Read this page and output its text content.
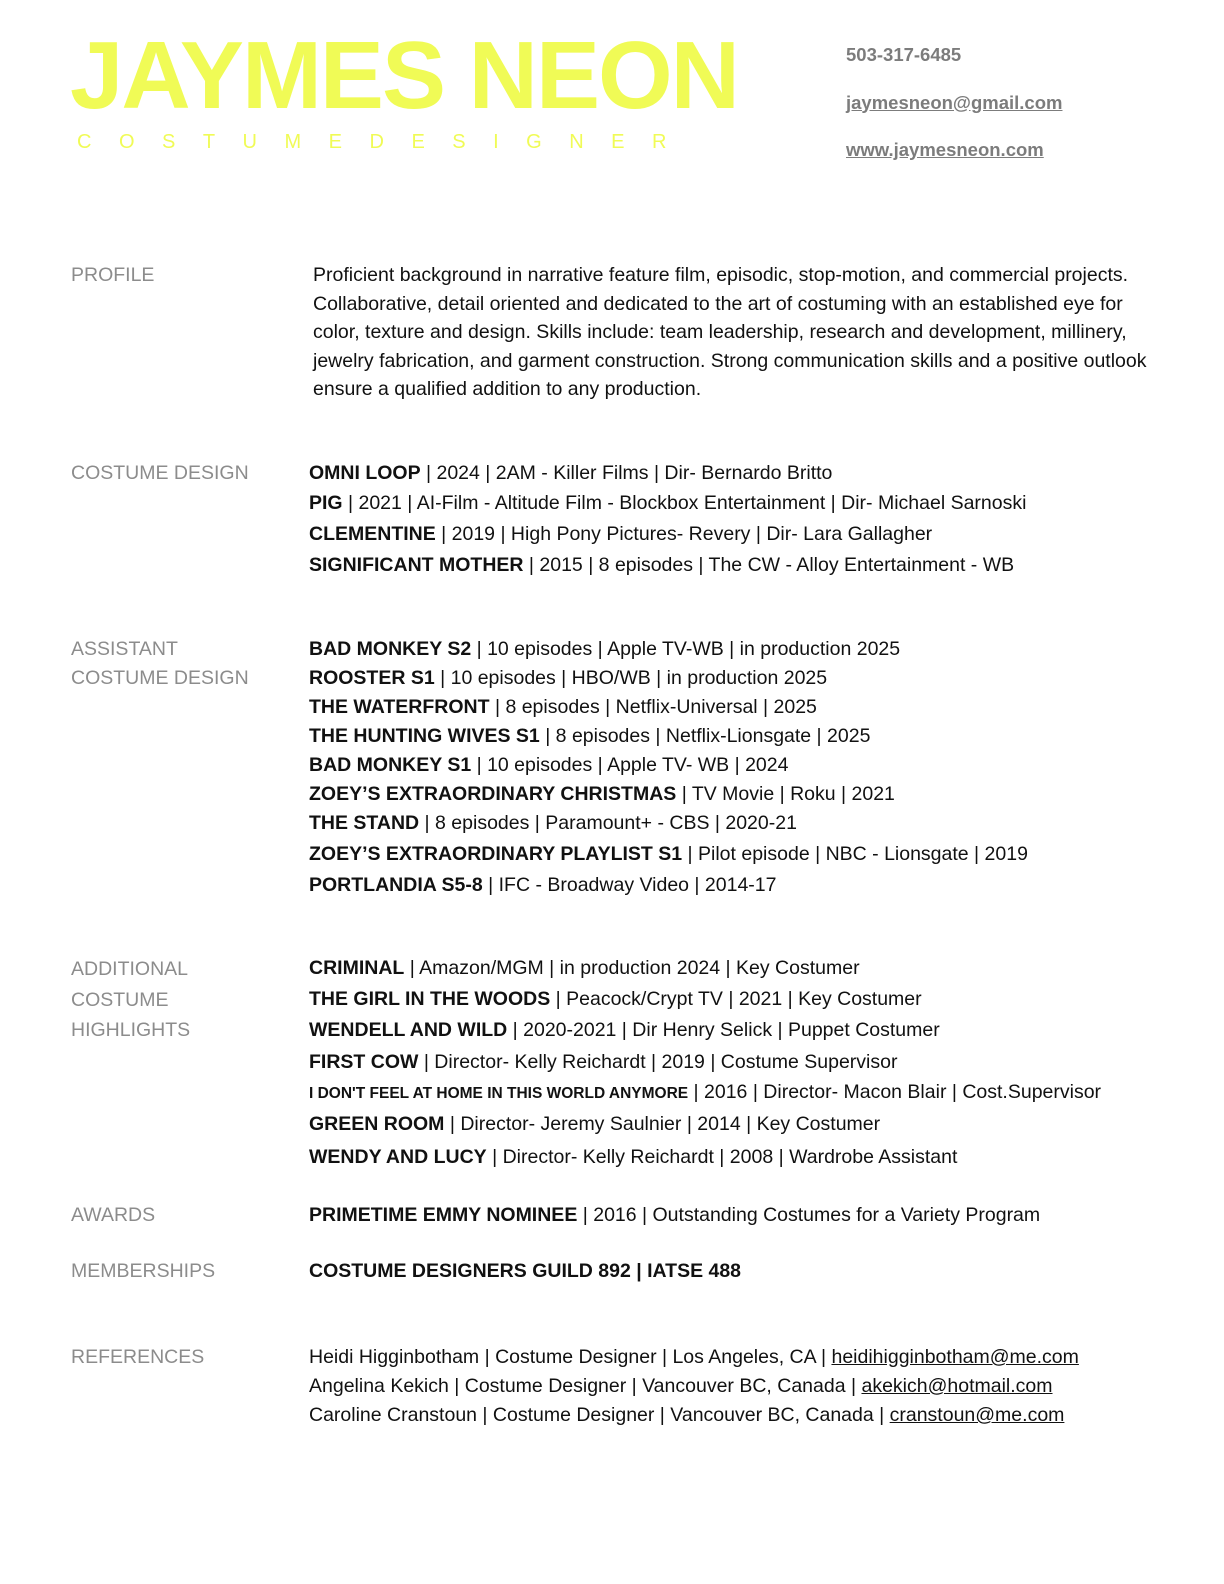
JAYMES NEON
COSTUMEDESIGNER
503-317-6485
jaymesneon@gmail.com
www.jaymesneon.com
PROFILE	Proficient background in narrative feature film, episodic, stop-motion, and commercial projects. Collaborative, detail oriented and dedicated to the art of costuming with an established eye for color, texture and design. Skills include: team leadership, research and development, millinery, jewelry fabrication, and garment construction. Strong communication skills and a positive outlook ensure a qualified addition to any production.
COSTUME DESIGN	OMNI LOOP | 2024 | 2AM - Killer Films | Dir- Bernardo Britto
PIG | 2021 | AI-Film - Altitude Film - Blockbox Entertainment | Dir- Michael Sarnoski
CLEMENTINE | 2019 | High Pony Pictures- Revery | Dir- Lara Gallagher
SIGNIFICANT MOTHER | 2015 | 8 episodes | The CW - Alloy Entertainment - WB
ASSISTANT
COSTUME DESIGN
BAD MONKEY S2 | 10 episodes | Apple TV-WB | in production 2025
ROOSTER S1 | 10 episodes | HBO/WB | in production 2025
THE WATERFRONT | 8 episodes | Netflix-Universal | 2025
THE HUNTING WIVES S1 | 8 episodes | Netflix-Lionsgate | 2025
BAD MONKEY S1 | 10 episodes | Apple TV- WB | 2024
ZOEY’S EXTRAORDINARY CHRISTMAS | TV Movie | Roku | 2021
THE STAND | 8 episodes | Paramount+ - CBS | 2020-21
ZOEY’S EXTRAORDINARY PLAYLIST S1 | Pilot episode | NBC - Lionsgate | 2019
PORTLANDIA S5-8 | IFC - Broadway Video | 2014-17
ADDITIONAL
COSTUME
HIGHLIGHTS
CRIMINAL | Amazon/MGM | in production 2024 | Key Costumer
THE GIRL IN THE WOODS | Peacock/Crypt TV | 2021 | Key Costumer
WENDELL AND WILD | 2020-2021 | Dir Henry Selick | Puppet Costumer
FIRST COW | Director- Kelly Reichardt | 2019 | Costume Supervisor
I DON'T FEEL AT HOME IN THIS WORLD ANYMORE | 2016 | Director- Macon Blair | Cost.Supervisor
GREEN ROOM | Director- Jeremy Saulnier | 2014 | Key Costumer
WENDY AND LUCY | Director- Kelly Reichardt | 2008 | Wardrobe Assistant
AWARDS	PRIMETIME EMMY NOMINEE | 2016 | Outstanding Costumes for a Variety Program
MEMBERSHIPS	COSTUME DESIGNERS GUILD 892 | IATSE 488
REFERENCES	Heidi Higginbotham | Costume Designer | Los Angeles, CA | heidihigginbotham@me.com
Angelina Kekich | Costume Designer | Vancouver BC, Canada | akekich@hotmail.com
Caroline Cranstoun | Costume Designer | Vancouver BC, Canada | cranstoun@me.com
